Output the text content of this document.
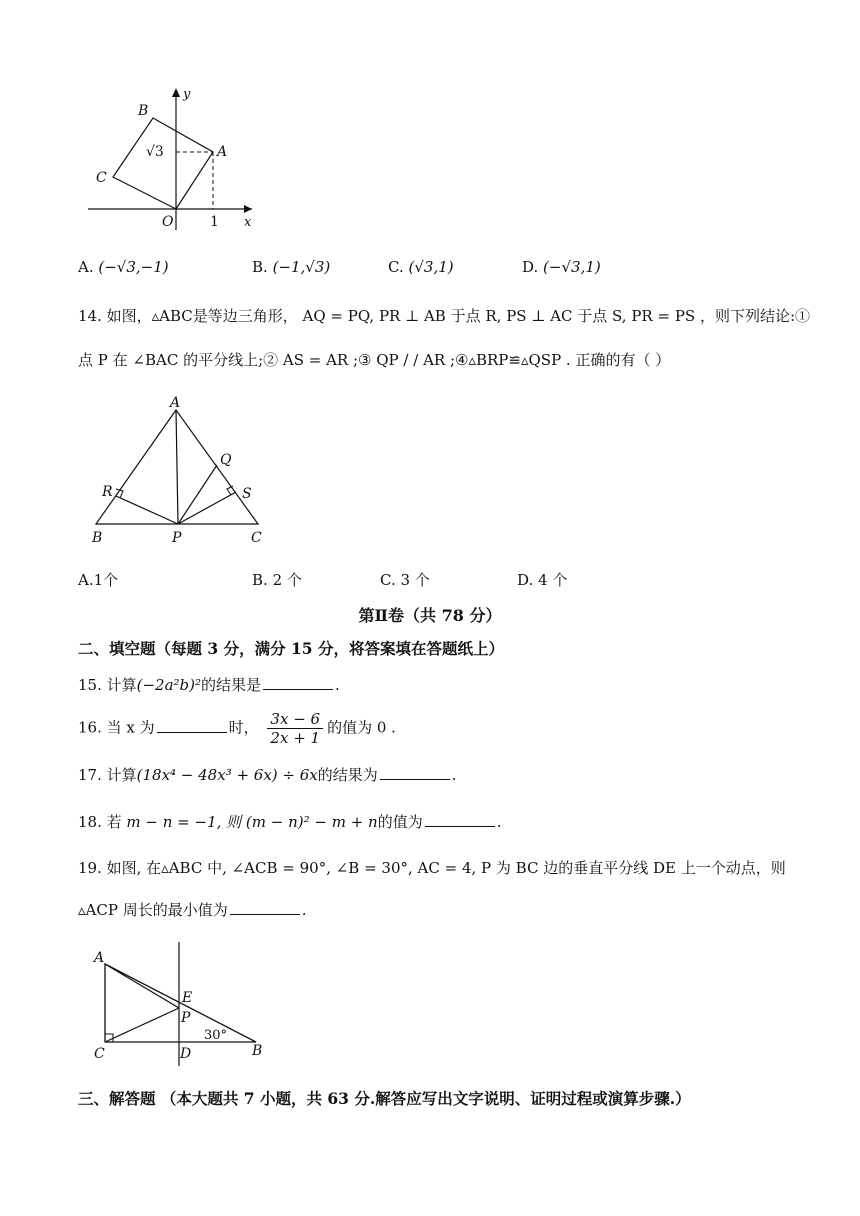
B
y
√3	A
C
O	1 x
A. (−√3,−1)	B. (−1,√3)	C. (√3,1)	D. (−√3,1)
14. 如图，▵ABC是等边三角形， AQ = PQ, PR ⊥ AB 于点 R, PS ⊥ AC 于点 S, PR = PS ，则下列结论:①
点 P 在 ∠BAC 的平分线上;② AS = AR ;③ QP / / AR ;④▵BRP≌▵QSP . 正确的有（ ）
A
Q
R	S
B	P	C
A.1个	B. 2 个	C. 3 个	D. 4 个
第Ⅱ卷（共 78 分）
二、填空题（每题 3 分，满分 15 分，将答案填在答题纸上）
15. 计算(−2a²b)²的结果是	.
16. 当 x 为	时， $\frac{3x - 6}{2x + 1}$ 的值为 0 .
17. 计算(18x⁴ − 48x³ + 6x) ÷ 6x的结果为	.
18. 若 m − n = −1, 则 (m − n)² − m + n的值为	.
19. 如图, 在▵ABC 中, ∠ACB = 90°, ∠B = 30°, AC = 4, P 为 BC 边的垂直平分线 DE 上一个动点，则
▵ACP 周长的最小值为	.
A
E
P
30°
C	D	B
三、解答题 （本大题共 7 小题，共 63 分.解答应写出文字说明、证明过程或演算步骤.）
